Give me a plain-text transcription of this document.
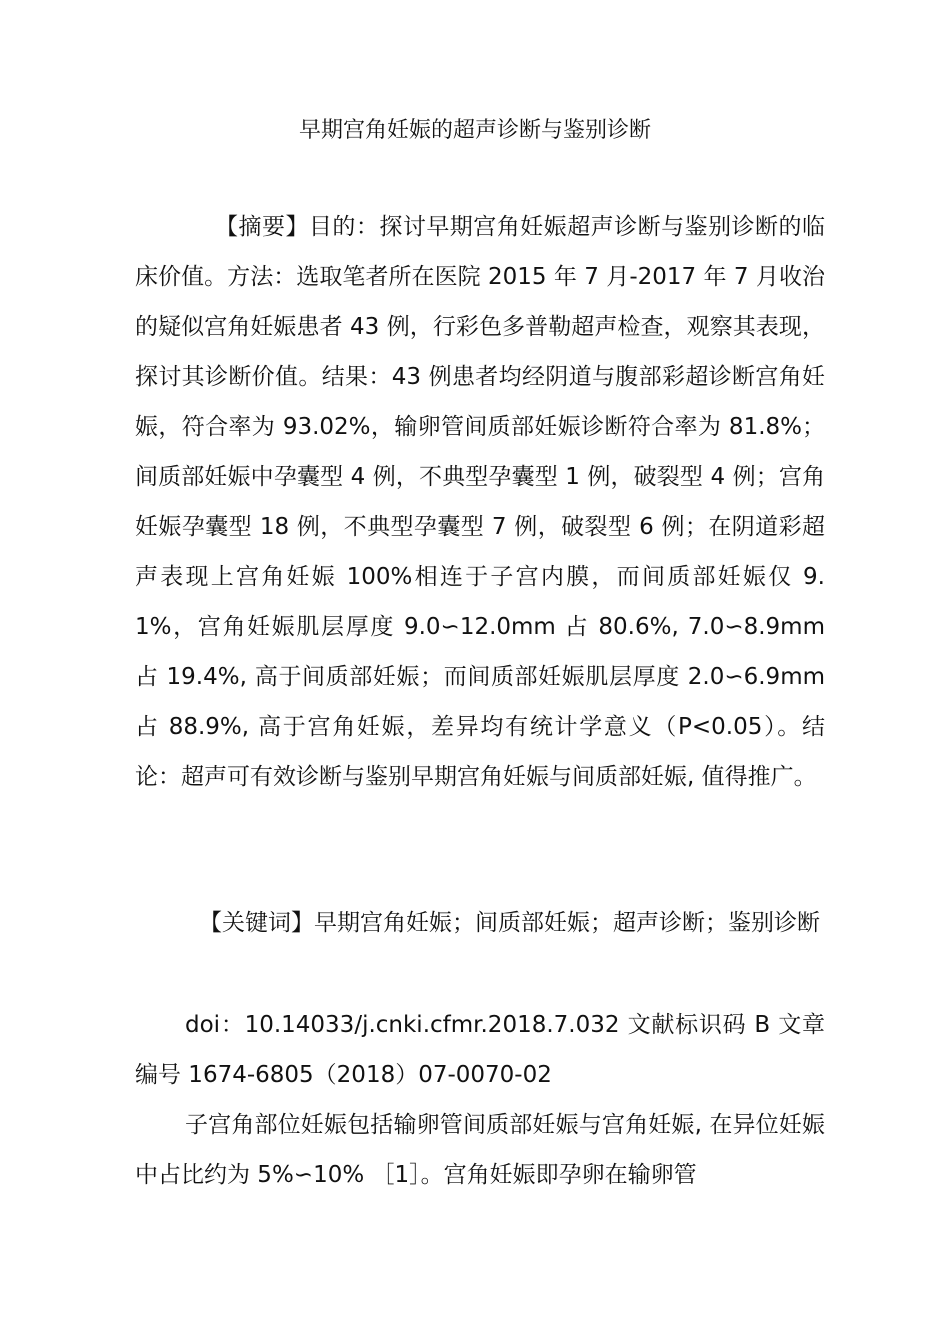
早期宫角妊娠的超声诊断与鉴别诊断
【摘要】目的：探讨早期宫角妊娠超声诊断与鉴别诊断的临床价值。方法：选取笔者所在医院 2015 年 7 月-2017 年 7 月收治的疑似宫角妊娠患者 43 例，行彩色多普勒超声检查，观察其表现，探讨其诊断价值。结果：43 例患者均经阴道与腹部彩超诊断宫角妊娠，符合率为 93.02%，输卵管间质部妊娠诊断符合率为 81.8%；间质部妊娠中孕囊型 4 例，不典型孕囊型 1 例，破裂型 4 例；宫角妊娠孕囊型 18 例，不典型孕囊型 7 例，破裂型 6 例；在阴道彩超声表现上宫角妊娠 100%相连于子宫内膜，而间质部妊娠仅 9.1%，宫角妊娠肌层厚度 9.0∽12.0mm 占 80.6%, 7.0∽8.9mm 占 19.4%, 高于间质部妊娠；而间质部妊娠肌层厚度 2.0∽6.9mm 占 88.9%, 高于宫角妊娠，差异均有统计学意义（P<0.05）。结论：超声可有效诊断与鉴别早期宫角妊娠与间质部妊娠, 值得推广。
【关键词】早期宫角妊娠；间质部妊娠；超声诊断；鉴别诊断
doi：10.14033/j.cnki.cfmr.2018.7.032 文献标识码 B 文章编号 1674-6805（2018）07-0070-02
子宫角部位妊娠包括输卵管间质部妊娠与宫角妊娠, 在异位妊娠中占比约为 5%∽10% ［1］。宫角妊娠即孕卵在输卵管
